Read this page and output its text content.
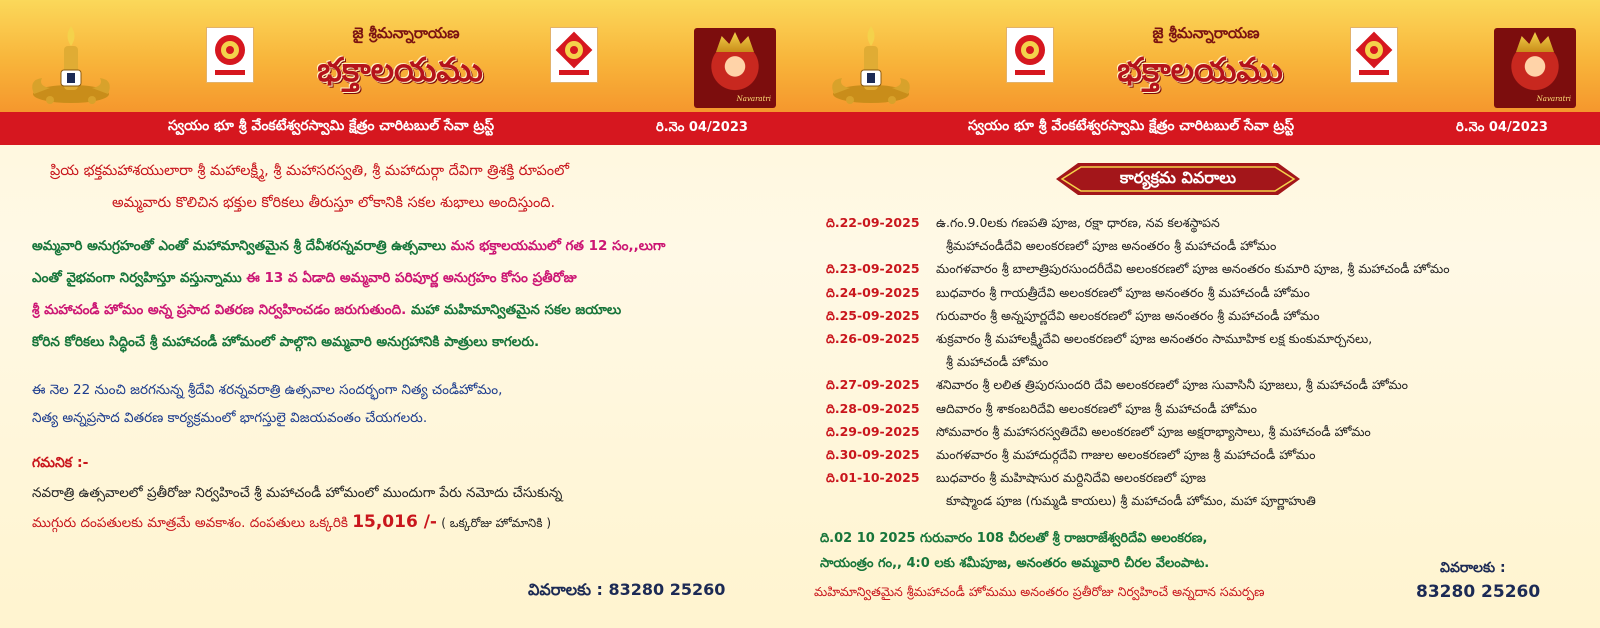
Navaratri
జై శ్రీమన్నారాయణ
భక్తాలయము
స్వయం భూ శ్రీ వేంకటేశ్వరస్వామి క్షేత్రం చారిటబుల్ సేవా ట్రస్ట్	రి.నెం 04/2023
ప్రియ భక్తమహాశయులారా శ్రీ మహాలక్ష్మీ, శ్రీ మహాసరస్వతి, శ్రీ మహాదుర్గా దేవిగా త్రిశక్తి రూపంలో
అమ్మవారు కొలిచిన భక్తుల కోరికలు తీరుస్తూ లోకానికి సకల శుభాలు అందిస్తుంది.
అమ్మవారి అనుగ్రహంతో ఎంతో మహామాన్వితమైన శ్రీ దేవీశరన్నవరాత్రి ఉత్సవాలు మన భక్తాలయములో గత 12 సం,,లుగా
ఎంతో వైభవంగా నిర్వహిస్తూ వస్తున్నాము ఈ 13 వ ఏడాది అమ్మవారి పరిపూర్ణ అనుగ్రహం కోసం ప్రతీరోజు
శ్రీ మహాచండీ హోమం అన్న ప్రసాద వితరణ నిర్వహించడం జరుగుతుంది. మహా మహిమాన్వితమైన సకల జయాలు
కోరిన కోరికలు సిద్ధించే శ్రీ మహాచండీ హోమంలో పాల్గొని అమ్మవారి అనుగ్రహానికి పాత్రులు కాగలరు.
ఈ నెల 22 నుంచి జరగనున్న శ్రీదేవి శరన్నవరాత్రి ఉత్సవాల సందర్భంగా నిత్య చండీహోమం,
నిత్య అన్నప్రసాద వితరణ కార్యక్రమంలో భాగస్తులై విజయవంతం చేయగలరు.
గమనిక :-
నవరాత్రి ఉత్సవాలలో ప్రతీరోజు నిర్వహించే శ్రీ మహాచండీ హోమంలో ముందుగా పేరు నమోదు చేసుకున్న
ముగ్గురు దంపతులకు మాత్రమే అవకాశం. దంపతులు ఒక్కరికి 15,016 /- ( ఒక్కరోజు హోమానికి )
వివరాలకు : 83280 25260
Navaratri
జై శ్రీమన్నారాయణ
భక్తాలయము
స్వయం భూ శ్రీ వేంకటేశ్వరస్వామి క్షేత్రం చారిటబుల్ సేవా ట్రస్ట్	రి.నెం 04/2023
కార్యక్రమ వివరాలు
ది.22-09-2025	ఉ.గం.9.0లకు గణపతి పూజ, రక్షా ధారణ, నవ కలశస్థాపన
శ్రీమహాచండీదేవి అలంకరణలో పూజ అనంతరం శ్రీ మహాచండీ హోమం
ది.23-09-2025	మంగళవారం శ్రీ బాలాత్రిపురసుందరీదేవి అలంకరణలో పూజ అనంతరం కుమారి పూజ, శ్రీ మహాచండీ హోమం
ది.24-09-2025	బుధవారం శ్రీ గాయత్రీదేవి అలంకరణలో పూజ అనంతరం శ్రీ మహాచండీ హోమం
ది.25-09-2025	గురువారం శ్రీ అన్నపూర్ణదేవి అలంకరణలో పూజ అనంతరం శ్రీ మహాచండీ హోమం
ది.26-09-2025	శుక్రవారం శ్రీ మహాలక్ష్మీదేవి అలంకరణలో పూజ అనంతరం సామూహిక లక్ష కుంకుమార్చనలు,
శ్రీ మహాచండీ హోమం
ది.27-09-2025	శనివారం శ్రీ లలిత త్రిపురసుందరి దేవి అలంకరణలో పూజ సువాసినీ పూజలు, శ్రీ మహాచండీ హోమం
ది.28-09-2025	ఆదివారం శ్రీ శాకంబరిదేవి అలంకరణలో పూజ శ్రీ మహాచండీ హోమం
ది.29-09-2025	సోమవారం శ్రీ మహాసరస్వతిదేవి అలంకరణలో పూజ అక్షరాభ్యాసాలు, శ్రీ మహాచండీ హోమం
ది.30-09-2025	మంగళవారం శ్రీ మహాదుర్గదేవి గాజుల అలంకరణలో పూజ శ్రీ మహాచండీ హోమం
ది.01-10-2025	బుధవారం శ్రీ మహిషాసుర మర్దినిదేవి అలంకరణలో పూజ
కూష్మాండ పూజ (గుమ్మడి కాయలు) శ్రీ మహాచండీ హోమం, మహా పూర్ణాహుతి
ది.02 10 2025 గురువారం 108 చీరలతో శ్రీ రాజరాజేశ్వరిదేవి అలంకరణ,
సాయంత్రం గం,, 4:0 లకు శమీపూజ, అనంతరం అమ్మవారి చీరల వేలంపాట.
మహిమాన్వితమైన శ్రీమహాచండీ హోమము అనంతరం ప్రతీరోజు నిర్వహించే అన్నదాన సమర్పణ
వివరాలకు :
83280 25260
